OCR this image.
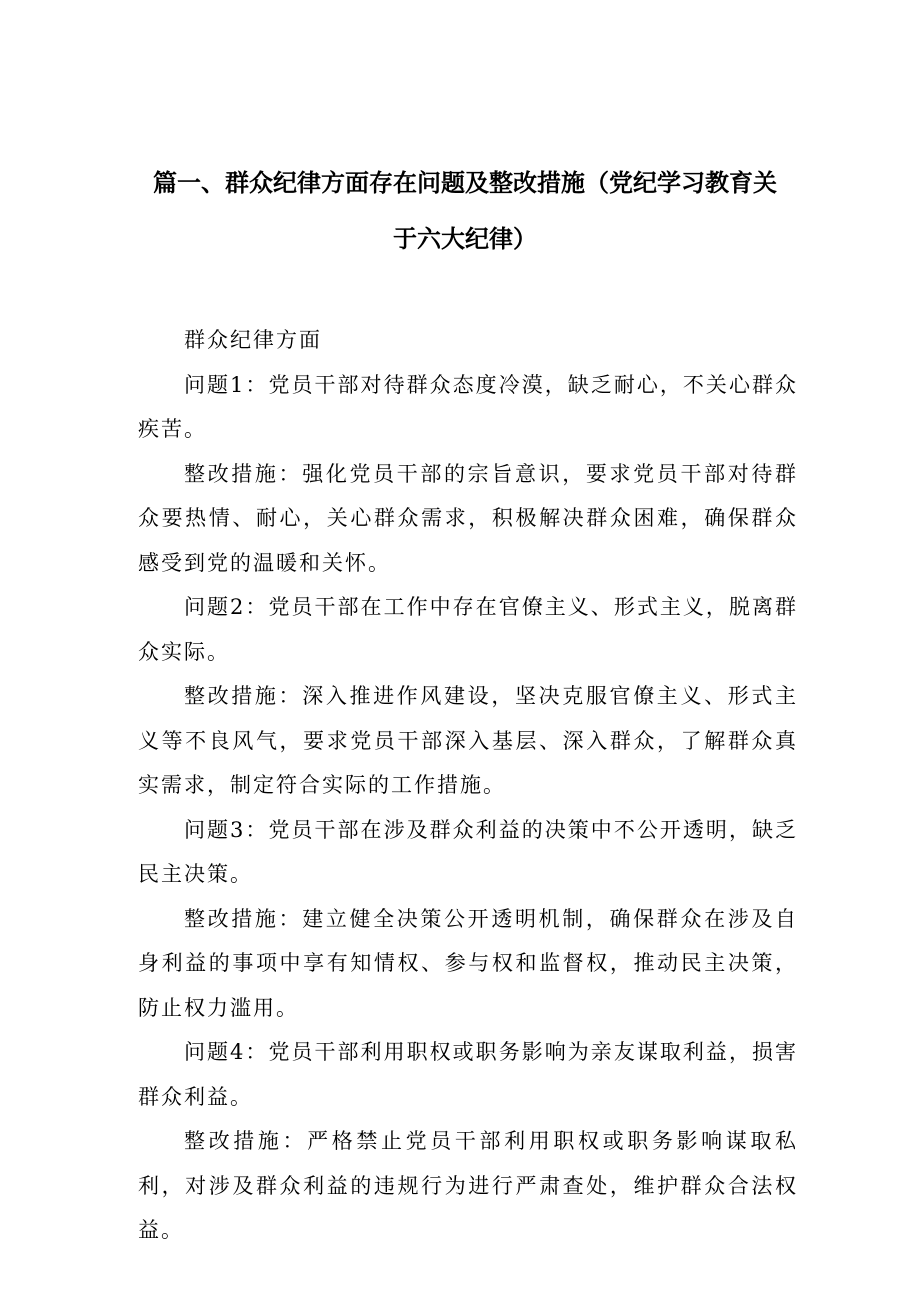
篇一、群众纪律方面存在问题及整改措施（党纪学习教育关
于六大纪律）

群众纪律方面

问题1：党员干部对待群众态度冷漠，缺乏耐心，不关心群众疾苦。

整改措施：强化党员干部的宗旨意识，要求党员干部对待群众要热情、耐心，关心群众需求，积极解决群众困难，确保群众感受到党的温暖和关怀。

问题2：党员干部在工作中存在官僚主义、形式主义，脱离群众实际。

整改措施：深入推进作风建设，坚决克服官僚主义、形式主义等不良风气，要求党员干部深入基层、深入群众，了解群众真实需求，制定符合实际的工作措施。

问题3：党员干部在涉及群众利益的决策中不公开透明，缺乏民主决策。

整改措施：建立健全决策公开透明机制，确保群众在涉及自身利益的事项中享有知情权、参与权和监督权，推动民主决策，防止权力滥用。

问题4：党员干部利用职权或职务影响为亲友谋取利益，损害群众利益。

整改措施：严格禁止党员干部利用职权或职务影响谋取私利，对涉及群众利益的违规行为进行严肃查处，维护群众合法权益。
